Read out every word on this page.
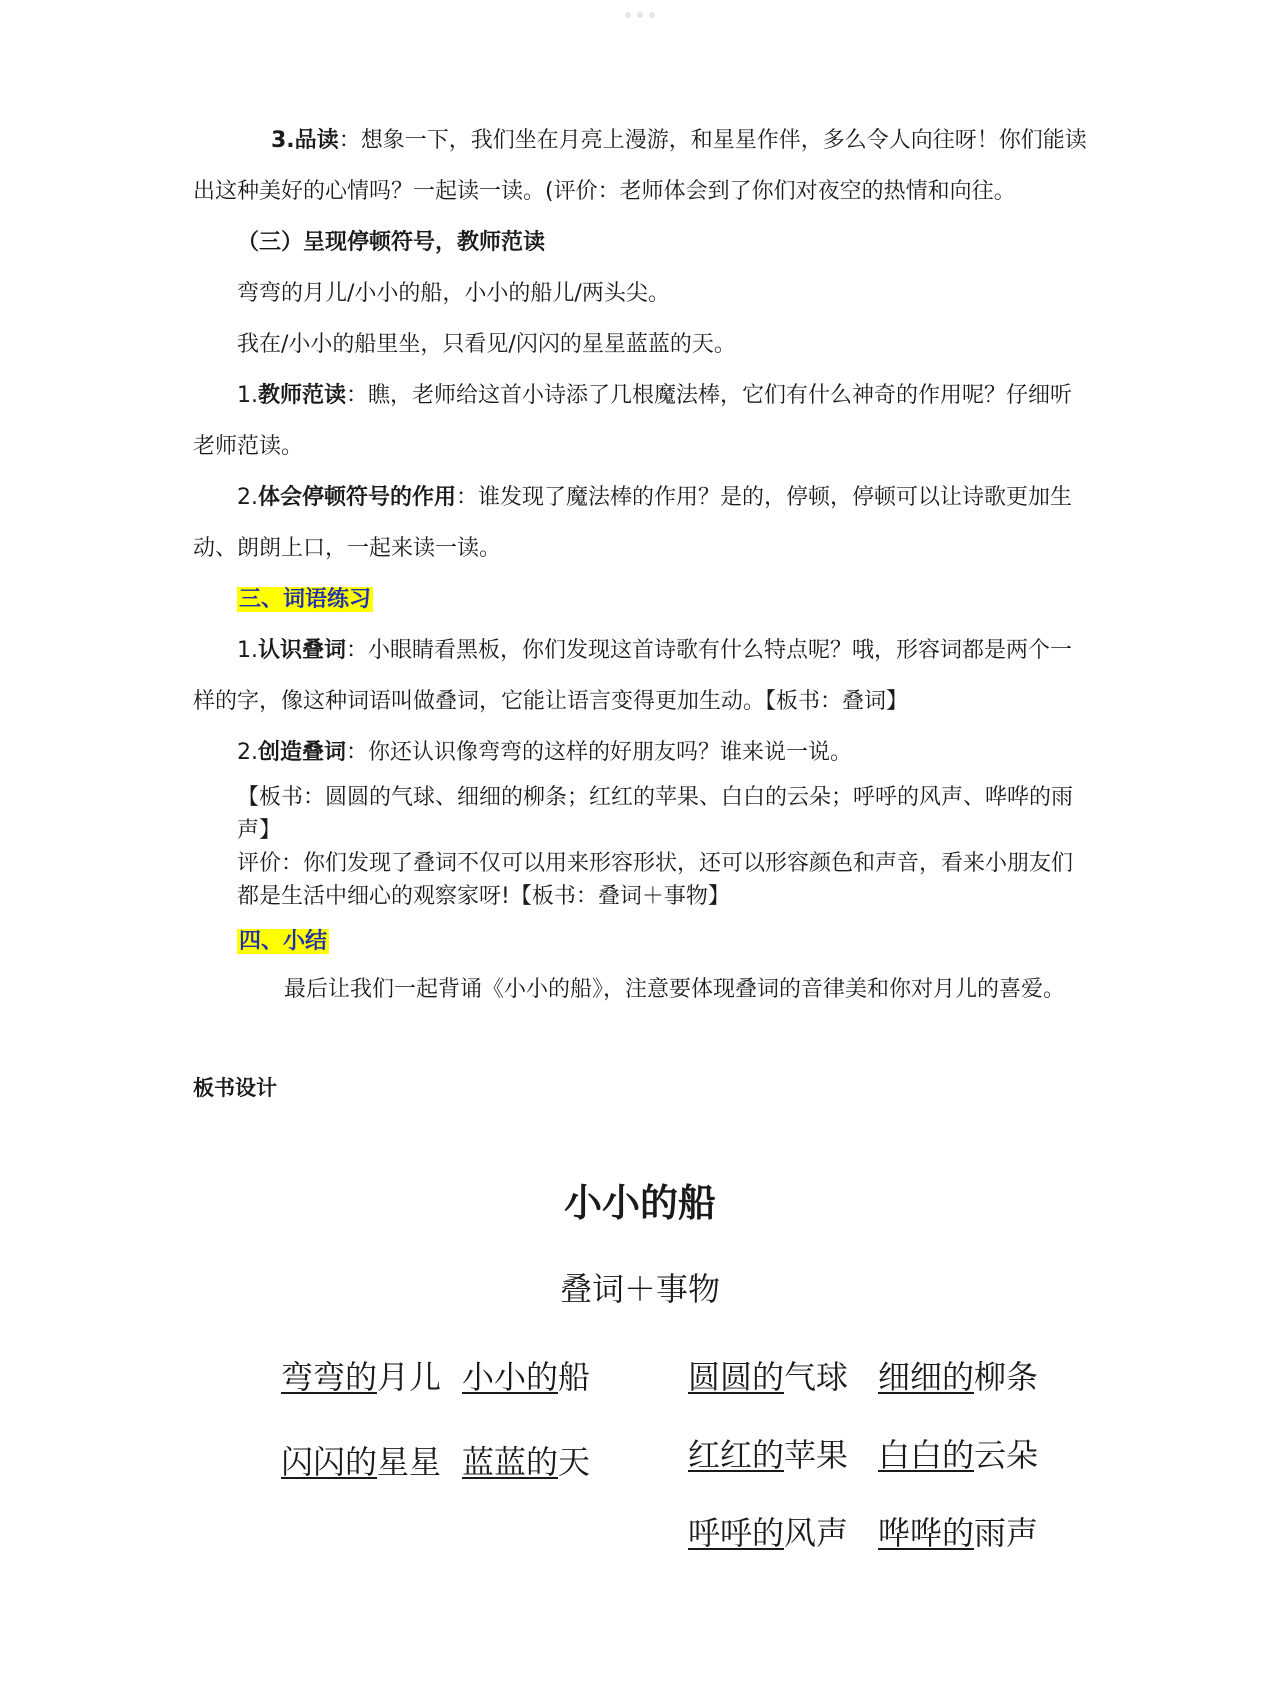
3.品读：想象一下，我们坐在月亮上漫游，和星星作伴，多么令人向往呀！你们能读
出这种美好的心情吗？一起读一读。(评价：老师体会到了你们对夜空的热情和向往。
（三）呈现停顿符号，教师范读
弯弯的月儿/小小的船，小小的船儿/两头尖。
我在/小小的船里坐，只看见/闪闪的星星蓝蓝的天。
1.教师范读：瞧，老师给这首小诗添了几根魔法棒，它们有什么神奇的作用呢？仔细听
老师范读。
2.体会停顿符号的作用：谁发现了魔法棒的作用？是的，停顿，停顿可以让诗歌更加生
动、朗朗上口，一起来读一读。
三、词语练习
1.认识叠词：小眼睛看黑板，你们发现这首诗歌有什么特点呢？哦，形容词都是两个一
样的字，像这种词语叫做叠词，它能让语言变得更加生动。【板书：叠词】
2.创造叠词：你还认识像弯弯的这样的好朋友吗？谁来说一说。
【板书：圆圆的气球、细细的柳条；红红的苹果、白白的云朵；呼呼的风声、哗哗的雨
声】
评价：你们发现了叠词不仅可以用来形容形状，还可以形容颜色和声音，看来小朋友们
都是生活中细心的观察家呀!【板书：叠词＋事物】
四、小结
最后让我们一起背诵《小小的船》，注意要体现叠词的音律美和你对月儿的喜爱。
板书设计
小小的船
叠词＋事物
弯弯的月儿 小小的船
闪闪的星星 蓝蓝的天
圆圆的气球 细细的柳条
红红的苹果 白白的云朵
呼呼的风声 哗哗的雨声
